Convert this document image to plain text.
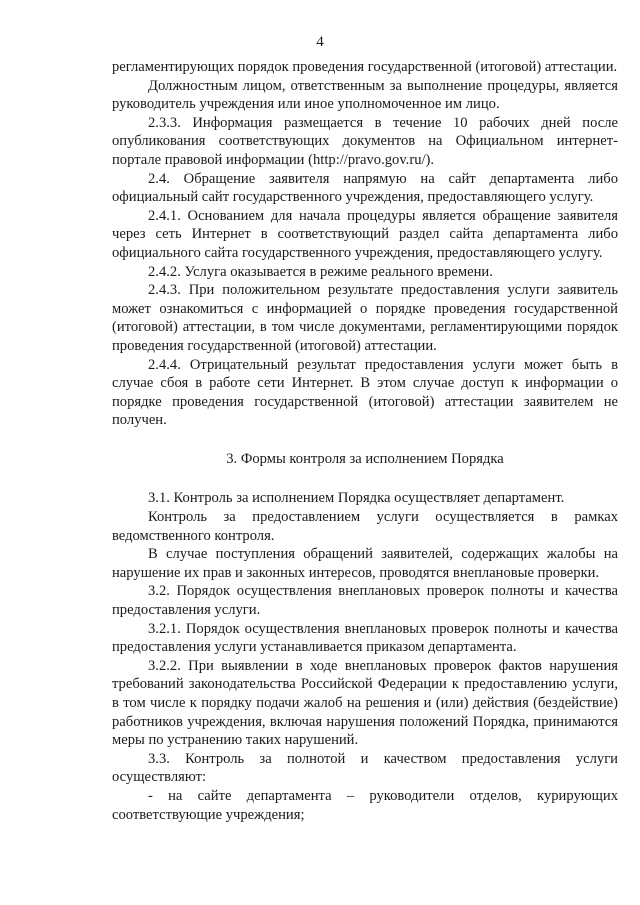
4

регламентирующих порядок проведения государственной (итоговой) аттестации.

Должностным лицом, ответственным за выполнение процедуры, является руководитель учреждения или иное уполномоченное им лицо.

2.3.3. Информация размещается в течение 10 рабочих дней после опубликования соответствующих документов на Официальном интернет-портале правовой информации (http://pravo.gov.ru/).

2.4. Обращение заявителя напрямую на сайт департамента либо официальный сайт государственного учреждения, предоставляющего услугу.

2.4.1. Основанием для начала процедуры является обращение заявителя через сеть Интернет в соответствующий раздел сайта департамента либо официального сайта государственного учреждения, предоставляющего услугу.

2.4.2. Услуга оказывается в режиме реального времени.

2.4.3. При положительном результате предоставления услуги заявитель может ознакомиться с информацией о порядке проведения государственной (итоговой) аттестации, в том числе документами, регламентирующими порядок проведения государственной (итоговой) аттестации.

2.4.4. Отрицательный результат предоставления услуги может быть в случае сбоя в работе сети Интернет. В этом случае доступ к информации о порядке проведения государственной (итоговой) аттестации заявителем не получен.

3. Формы контроля за исполнением Порядка

3.1. Контроль за исполнением Порядка осуществляет департамент.

Контроль за предоставлением услуги осуществляется в рамках ведомственного контроля.

В случае поступления обращений заявителей, содержащих жалобы на нарушение их прав и законных интересов, проводятся внеплановые проверки.

3.2. Порядок осуществления внеплановых проверок полноты и качества предоставления услуги.

3.2.1. Порядок осуществления внеплановых проверок полноты и качества предоставления услуги устанавливается приказом департамента.

3.2.2. При выявлении в ходе внеплановых проверок фактов нарушения требований законодательства Российской Федерации к предоставлению услуги, в том числе к порядку подачи жалоб на решения и (или) действия (бездействие) работников учреждения, включая нарушения положений Порядка, принимаются меры по устранению таких нарушений.

3.3. Контроль за полнотой и качеством предоставления услуги осуществляют:

- на сайте департамента – руководители отделов, курирующих соответствующие учреждения;
